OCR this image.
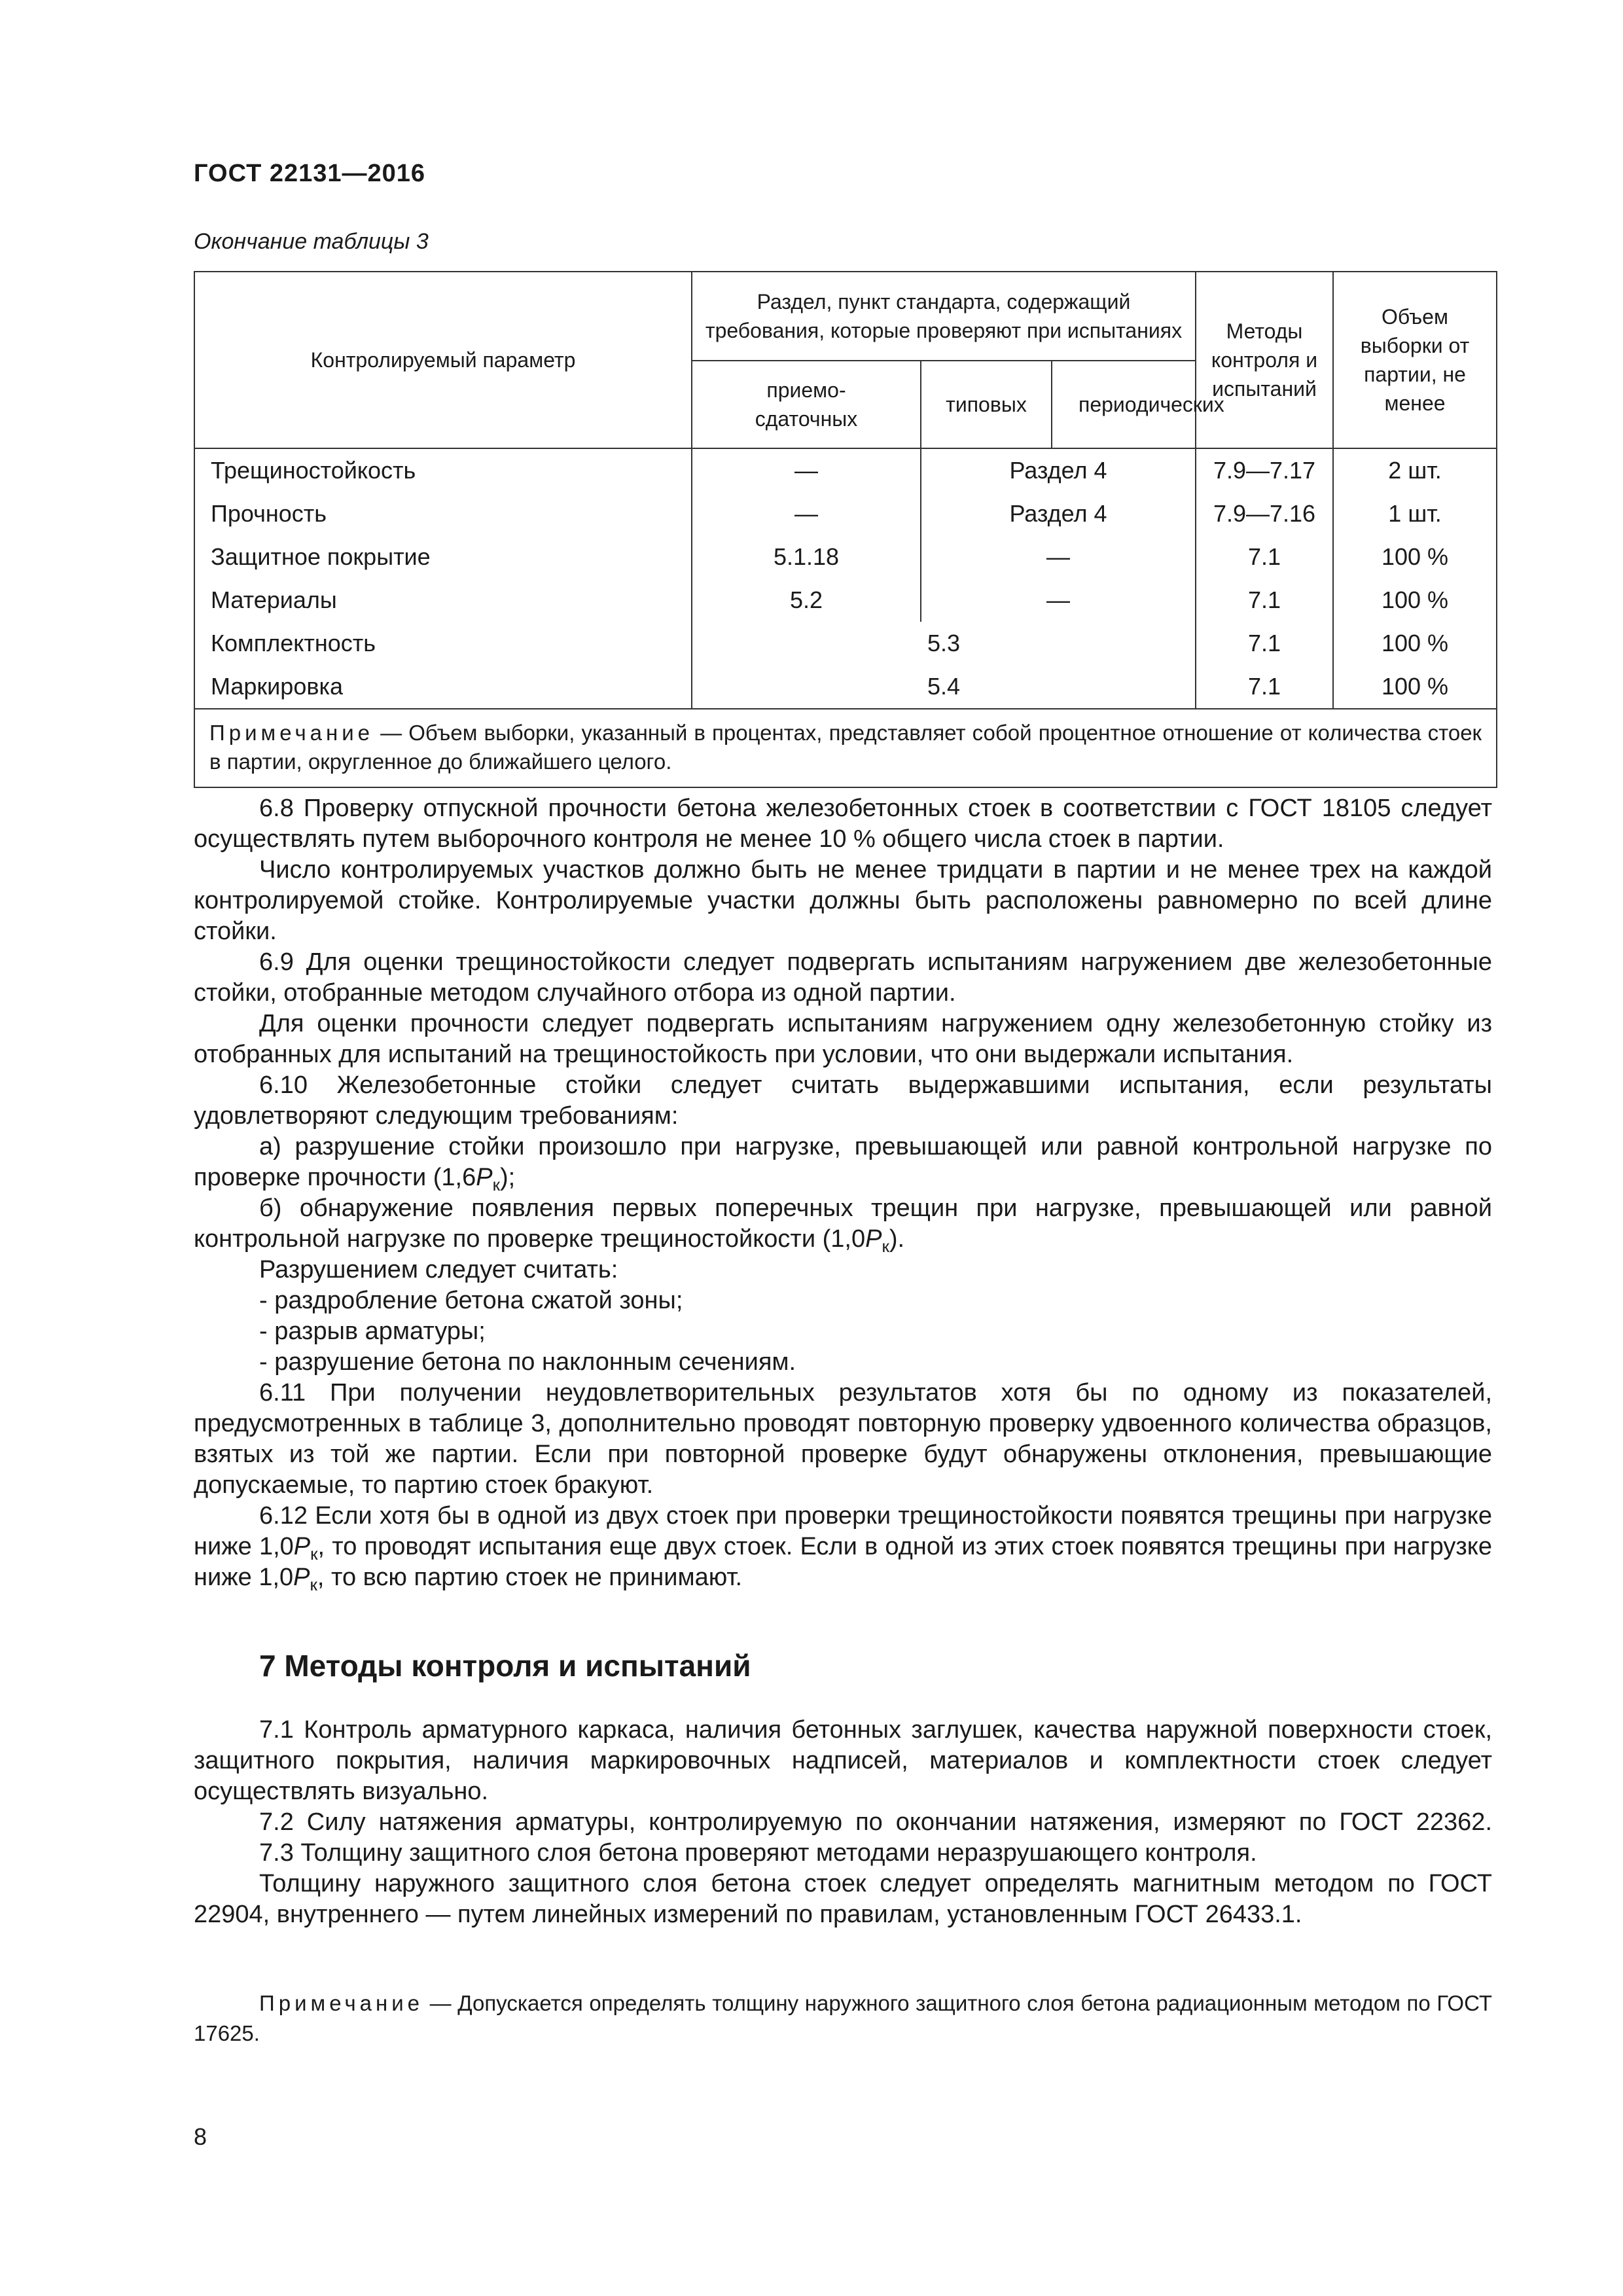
ГОСТ 22131—2016
Окончание таблицы 3
Контролируемый параметр	Раздел, пункт стандарта, содержащий требования, которые проверяют при испытаниях			Методы контроля и испытаний	Объем выборки от партии, не менее
	приемо-сдаточных	типовых	периодических		
Трещиностойкость	—	Раздел 4		7.9—7.17	2 шт.
Прочность	—	Раздел 4		7.9—7.16	1 шт.
Защитное покрытие	5.1.18	—		7.1	100 %
Материалы	5.2	—		7.1	100 %
Комплектность	5.3			7.1	100 %
Маркировка	5.4			7.1	100 %
Примечание — Объем выборки, указанный в процентах, представляет собой процентное отношение от количества стоек в партии, округленное до ближайшего целого.					

6.8 Проверку отпускной прочности бетона железобетонных стоек в соответствии с ГОСТ 18105 следует осуществлять путем выборочного контроля не менее 10 % общего числа стоек в партии.

Число контролируемых участков должно быть не менее тридцати в партии и не менее трех на каждой контролируемой стойке. Контролируемые участки должны быть расположены равномерно по всей длине стойки.

6.9 Для оценки трещиностойкости следует подвергать испытаниям нагружением две железобетонные стойки, отобранные методом случайного отбора из одной партии.

Для оценки прочности следует подвергать испытаниям нагружением одну железобетонную стойку из отобранных для испытаний на трещиностойкость при условии, что они выдержали испытания.

6.10 Железобетонные стойки следует считать выдержавшими испытания, если результаты удовлетворяют следующим требованиям:

а) разрушение стойки произошло при нагрузке, превышающей или равной контрольной нагрузке по проверке прочности $(1,6P_к)$;

б) обнаружение появления первых поперечных трещин при нагрузке, превышающей или равной контрольной нагрузке по проверке трещиностойкости $(1,0P_к)$.

Разрушением следует считать:

- раздробление бетона сжатой зоны;

- разрыв арматуры;

- разрушение бетона по наклонным сечениям.

6.11 При получении неудовлетворительных результатов хотя бы по одному из показателей, предусмотренных в таблице 3, дополнительно проводят повторную проверку удвоенного количества образцов, взятых из той же партии. Если при повторной проверке будут обнаружены отклонения, превышающие допускаемые, то партию стоек бракуют.

6.12 Если хотя бы в одной из двух стоек при проверки трещиностойкости появятся трещины при нагрузке ниже $1,0P_к$, то проводят испытания еще двух стоек. Если в одной из этих стоек появятся трещины при нагрузке ниже $1,0P_к$, то всю партию стоек не принимают.

7 Методы контроля и испытаний

7.1 Контроль арматурного каркаса, наличия бетонных заглушек, качества наружной поверхности стоек, защитного покрытия, наличия маркировочных надписей, материалов и комплектности стоек следует осуществлять визуально.

7.2 Силу натяжения арматуры, контролируемую по окончании натяжения, измеряют по ГОСТ 22362.

7.3 Толщину защитного слоя бетона проверяют методами неразрушающего контроля.

Толщину наружного защитного слоя бетона стоек следует определять магнитным методом по ГОСТ 22904, внутреннего — путем линейных измерений по правилам, установленным ГОСТ 26433.1.

Примечание — Допускается определять толщину наружного защитного слоя бетона радиационным методом по ГОСТ 17625.
8
